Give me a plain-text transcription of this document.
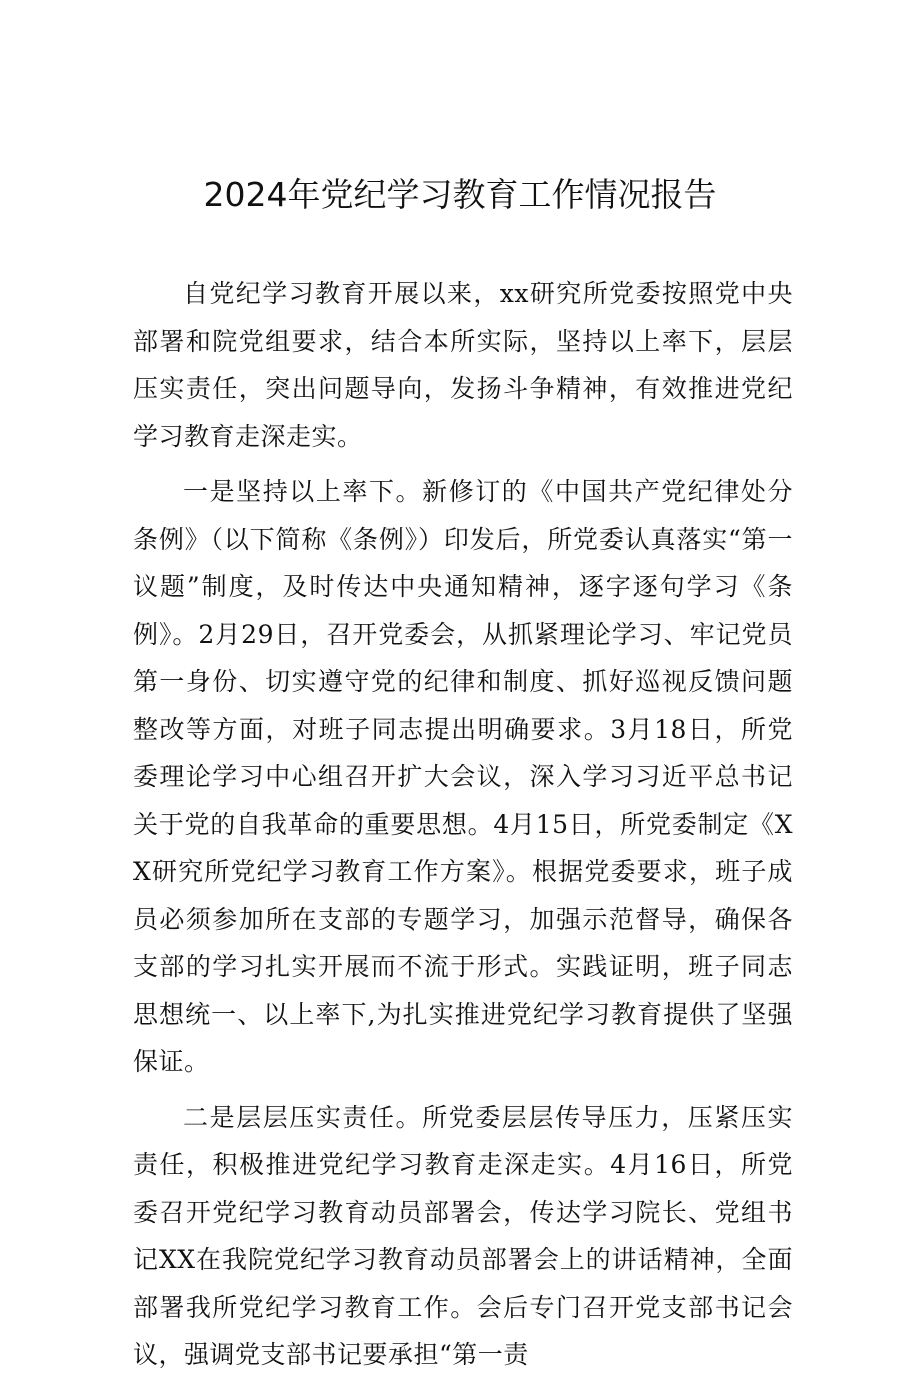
2024年党纪学习教育工作情况报告

自党纪学习教育开展以来，xx研究所党委按照党中央部署和院党组要求，结合本所实际，坚持以上率下，层层压实责任，突出问题导向，发扬斗争精神，有效推进党纪学习教育走深走实。

一是坚持以上率下。新修订的《中国共产党纪律处分条例》（以下简称《条例》）印发后，所党委认真落实“第一议题”制度，及时传达中央通知精神，逐字逐句学习《条例》。2月29日，召开党委会，从抓紧理论学习、牢记党员第一身份、切实遵守党的纪律和制度、抓好巡视反馈问题整改等方面，对班子同志提出明确要求。3月18日，所党委理论学习中心组召开扩大会议，深入学习习近平总书记关于党的自我革命的重要思想。4月15日，所党委制定《XX研究所党纪学习教育工作方案》。根据党委要求，班子成员必须参加所在支部的专题学习，加强示范督导，确保各支部的学习扎实开展而不流于形式。实践证明，班子同志思想统一、以上率下,为扎实推进党纪学习教育提供了坚强保证。

二是层层压实责任。所党委层层传导压力，压紧压实责任，积极推进党纪学习教育走深走实。4月16日，所党委召开党纪学习教育动员部署会，传达学习院长、党组书记XX在我院党纪学习教育动员部署会上的讲话精神，全面部署我所党纪学习教育工作。会后专门召开党支部书记会议，强调党支部书记要承担“第一责
